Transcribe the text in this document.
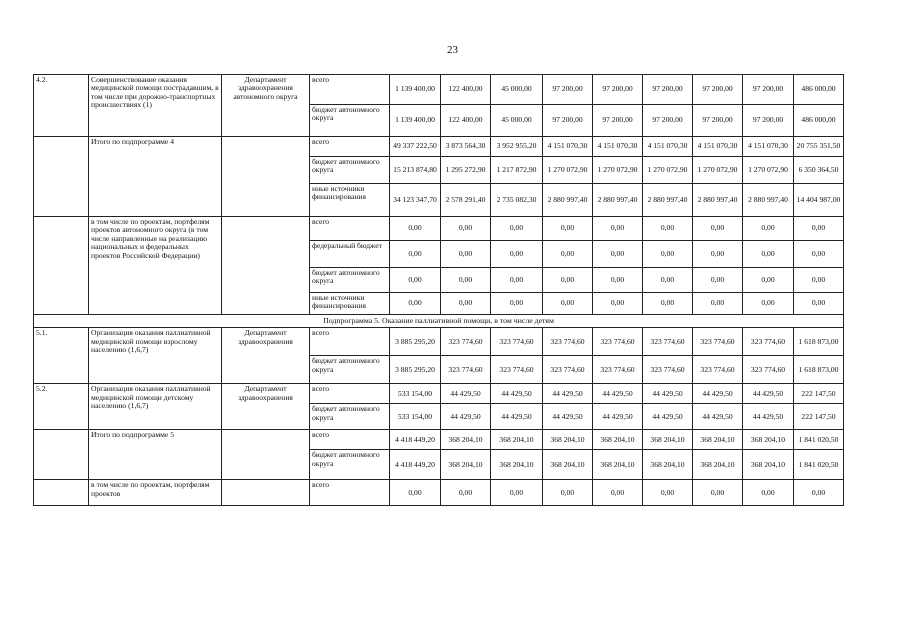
23
4.2.	Совершенствование оказания медицинской помощи пострадавшим, в том числе при дорожно-транспортных происшествиях (1)	Департамент здравоохранения автономного округа	всего	1 139 400,00	122 400,00	45 000,00	97 200,00	97 200,00	97 200,00	97 200,00	97 200,00	486 000,00
			бюджет автономного округа	1 139 400,00	122 400,00	45 000,00	97 200,00	97 200,00	97 200,00	97 200,00	97 200,00	486 000,00
	Итого по подпрограмме 4		всего	49 337 222,50	3 873 564,30	3 952 955,20	4 151 070,30	4 151 070,30	4 151 070,30	4 151 070,30	4 151 070,30	20 755 351,50
			бюджет автономного округа	15 213 874,80	1 295 272,90	1 217 872,90	1 270 072,90	1 270 072,90	1 270 072,90	1 270 072,90	1 270 072,90	6 350 364,50
			иные источники финансирования	34 123 347,70	2 578 291,40	2 735 082,30	2 880 997,40	2 880 997,40	2 880 997,40	2 880 997,40	2 880 997,40	14 404 987,00
	в том числе по проектам, портфелям проектов автономного округа (в том числе направленные на реализацию национальных и федеральных проектов Российской Федерации)		всего	0,00	0,00	0,00	0,00	0,00	0,00	0,00	0,00	0,00
			федеральный бюджет	0,00	0,00	0,00	0,00	0,00	0,00	0,00	0,00	0,00
			бюджет автономного округа	0,00	0,00	0,00	0,00	0,00	0,00	0,00	0,00	0,00
			иные источники финансирования	0,00	0,00	0,00	0,00	0,00	0,00	0,00	0,00	0,00
Подпрограмма 5. Оказание паллиативной помощи, в том числе детям												
5.1.	Организация оказания паллиативной медицинской помощи взрослому населению (1,6,7)	Департамент здравоохранения	всего	3 885 295,20	323 774,60	323 774,60	323 774,60	323 774,60	323 774,60	323 774,60	323 774,60	1 618 873,00
			бюджет автономного округа	3 885 295,20	323 774,60	323 774,60	323 774,60	323 774,60	323 774,60	323 774,60	323 774,60	1 618 873,00
5.2.	Организация оказания паллиативной медицинской помощи детскому населению (1,6,7)	Департамент здравоохранения	всего	533 154,00	44 429,50	44 429,50	44 429,50	44 429,50	44 429,50	44 429,50	44 429,50	222 147,50
			бюджет автономного округа	533 154,00	44 429,50	44 429,50	44 429,50	44 429,50	44 429,50	44 429,50	44 429,50	222 147,50
	Итого по подпрограмме 5		всего	4 418 449,20	368 204,10	368 204,10	368 204,10	368 204,10	368 204,10	368 204,10	368 204,10	1 841 020,50
			бюджет автономного округа	4 418 449,20	368 204,10	368 204,10	368 204,10	368 204,10	368 204,10	368 204,10	368 204,10	1 841 020,50
	в том числе по проектам, портфелям проектов		всего	0,00	0,00	0,00	0,00	0,00	0,00	0,00	0,00	0,00
